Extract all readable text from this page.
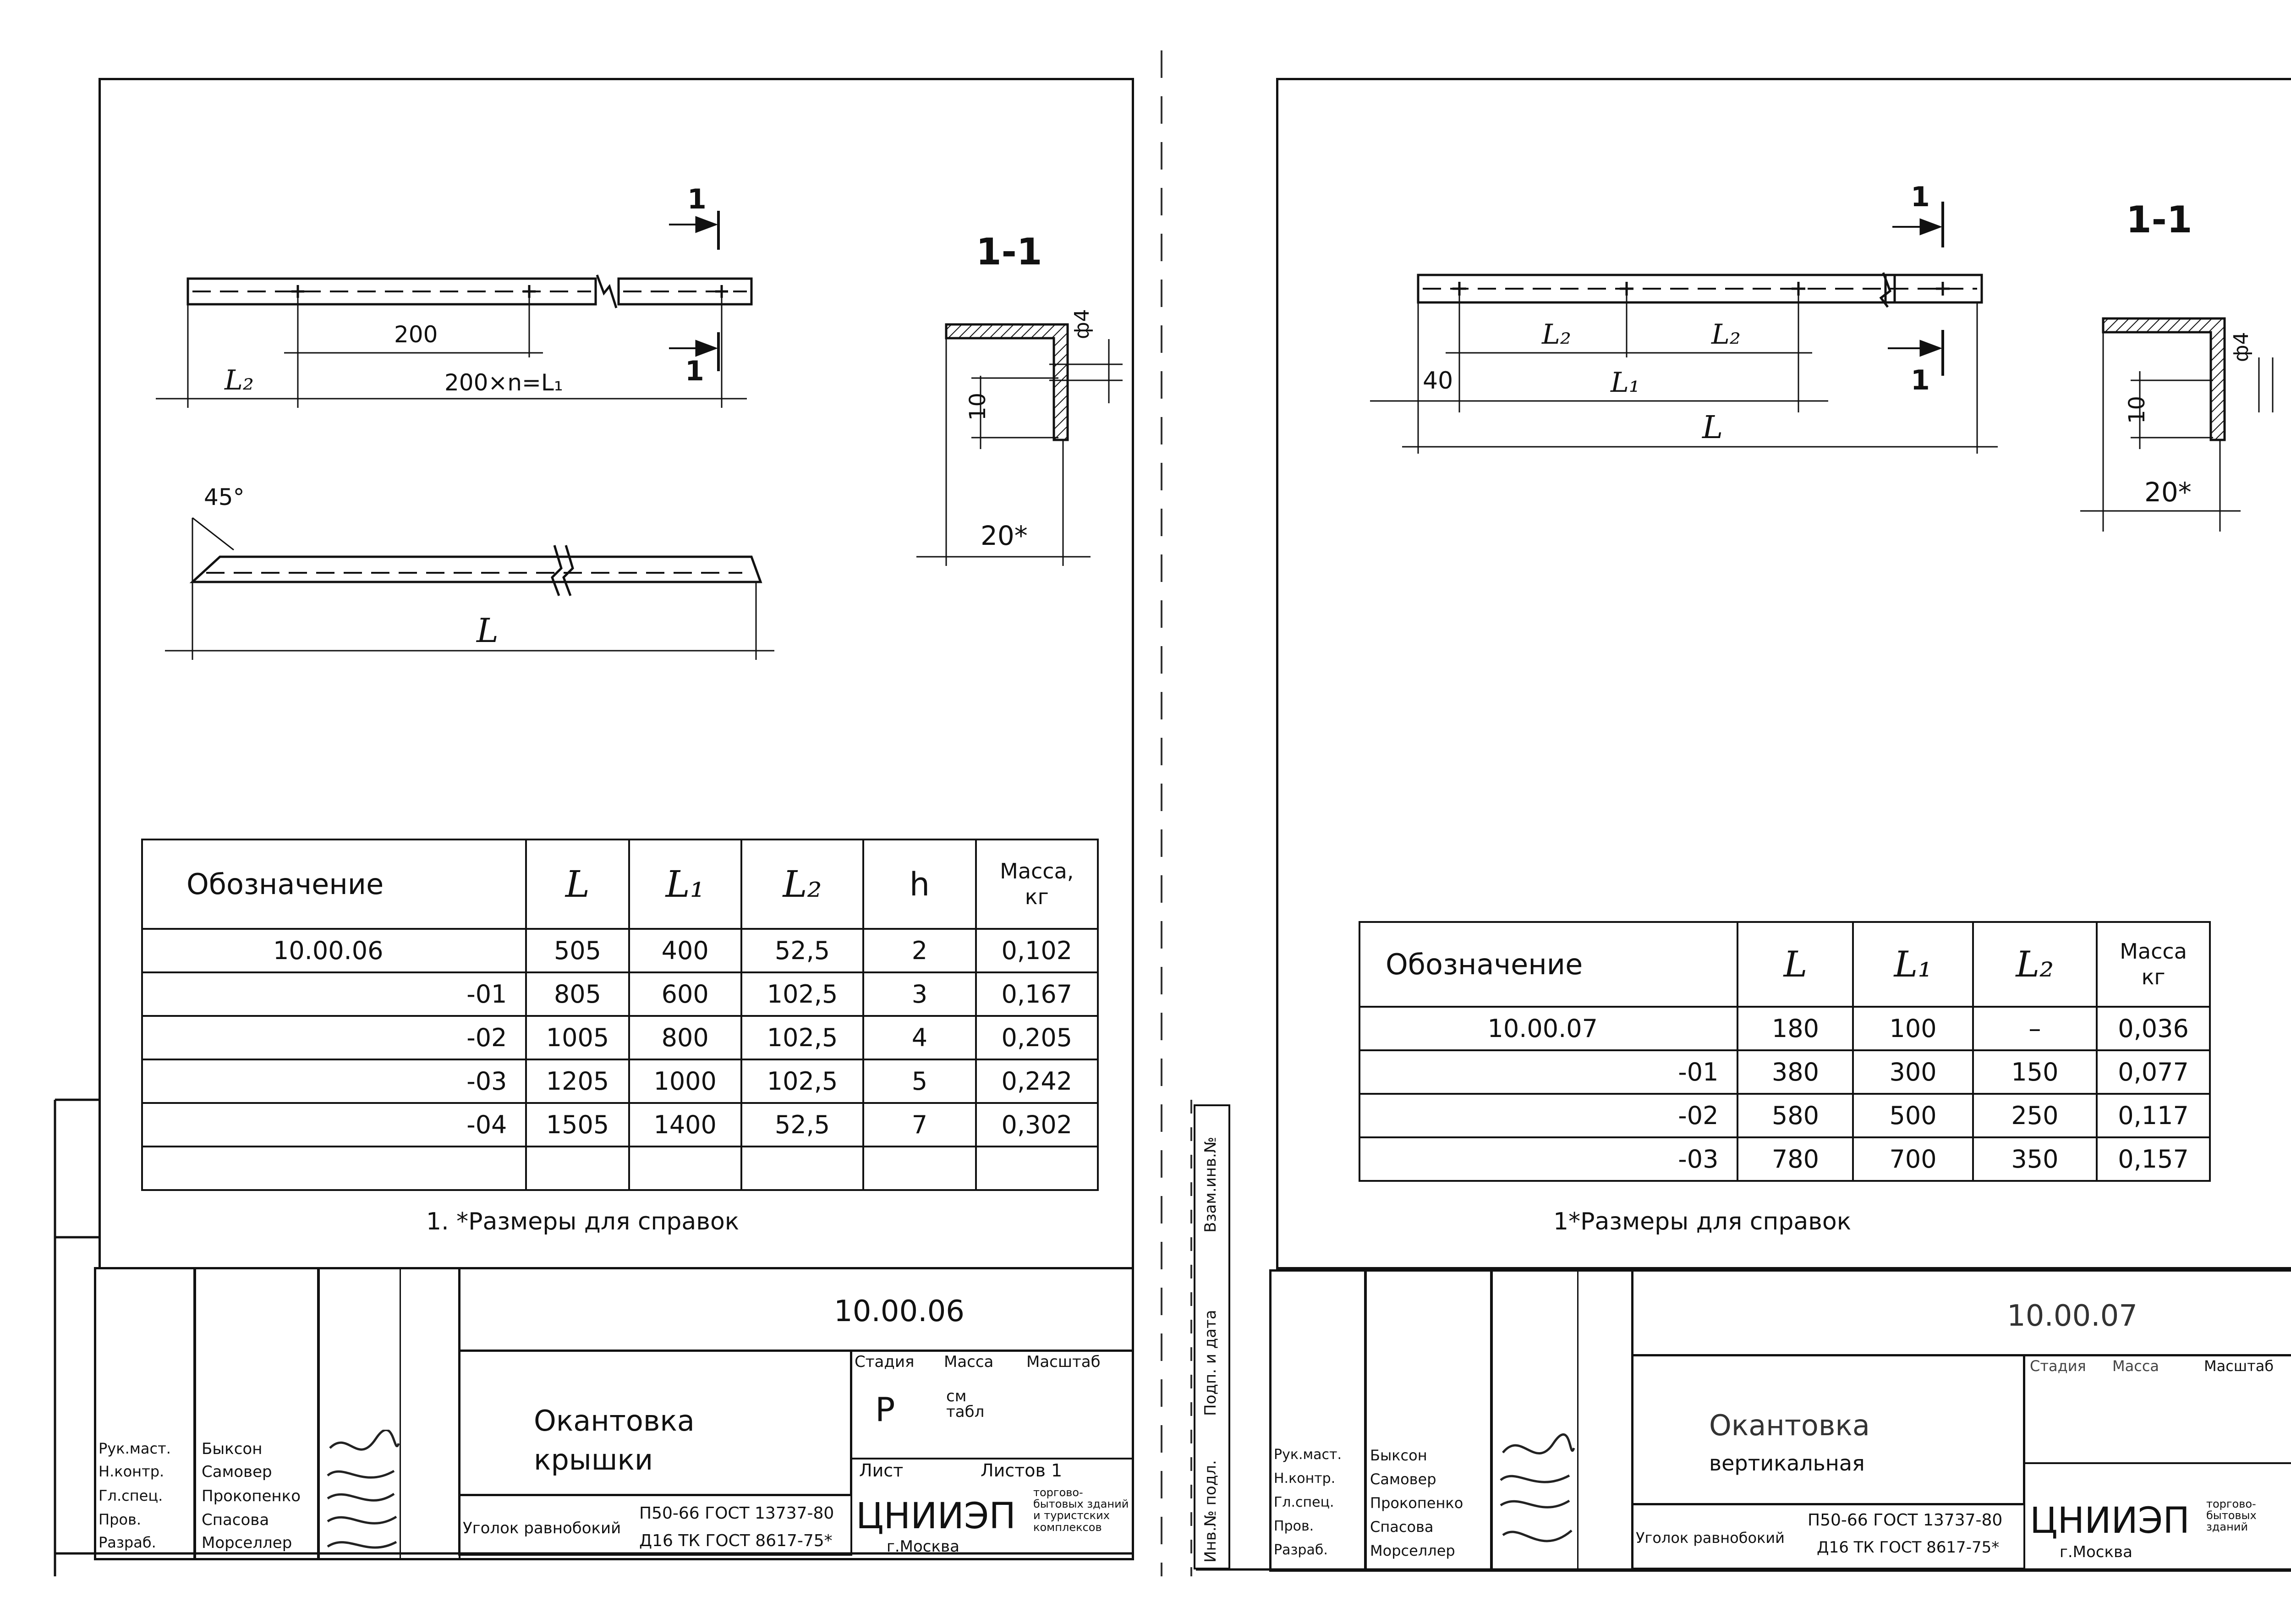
1-1
1
1
200
200×n=L₁
L₂
L
45°
ф4
10
20*
Обозначение	L	L₁	L₂	h	Масса,
кг
10.00.06	505	400	52,5	2	0,102
-01	805	600	102,5	3	0,167
-02	1005	800	102,5	4	0,205
-03	1205	1000	102,5	5	0,242
-04	1505	1400	52,5	7	0,302

1. *Размеры для справок
10.00.06
Окантовка
крышки
Стадия Масса Масштаб
Р	см табл
Лист	Листов 1
Уголок равнобокий
П50-66 ГОСТ 13737-80
Д16 ТК ГОСТ 8617-75*
ЦНИИЭП
г.Москва
торгово-бытовых зданий и туристских комплексов
Рук.маст. Быксон
Н.контр. Самовер
Гл.спец. Прокопенко
Пров.	Спасова
Разраб.	Морселлер
1-1
1
1
40
L₂	L₂
L₁
L
ф4
10
20*
Обозначение	L	L₁	L₂	Масса
кг
10.00.07	180	100	–	0,036
-01	380	300	150	0,077
-02	580	500	250	0,117
-03	780	700	350	0,157
1*Размеры для справок
Взам.инв.№
Подп. и дата
Инв.№ подл.
10.00.07
Окантовка
вертикальная
Стадия Масса	Масштаб
Уголок равнобокий
П50-66 ГОСТ 13737-80
Д16 ТК ГОСТ 8617-75*
ЦНИИЭП
г.Москва
торгово-бытовых зданий
Рук.маст. Быксон
Н.контр. Самовер
Гл.спец. Прокопенко
Пров.	Спасова
Разраб.	Морселлер
